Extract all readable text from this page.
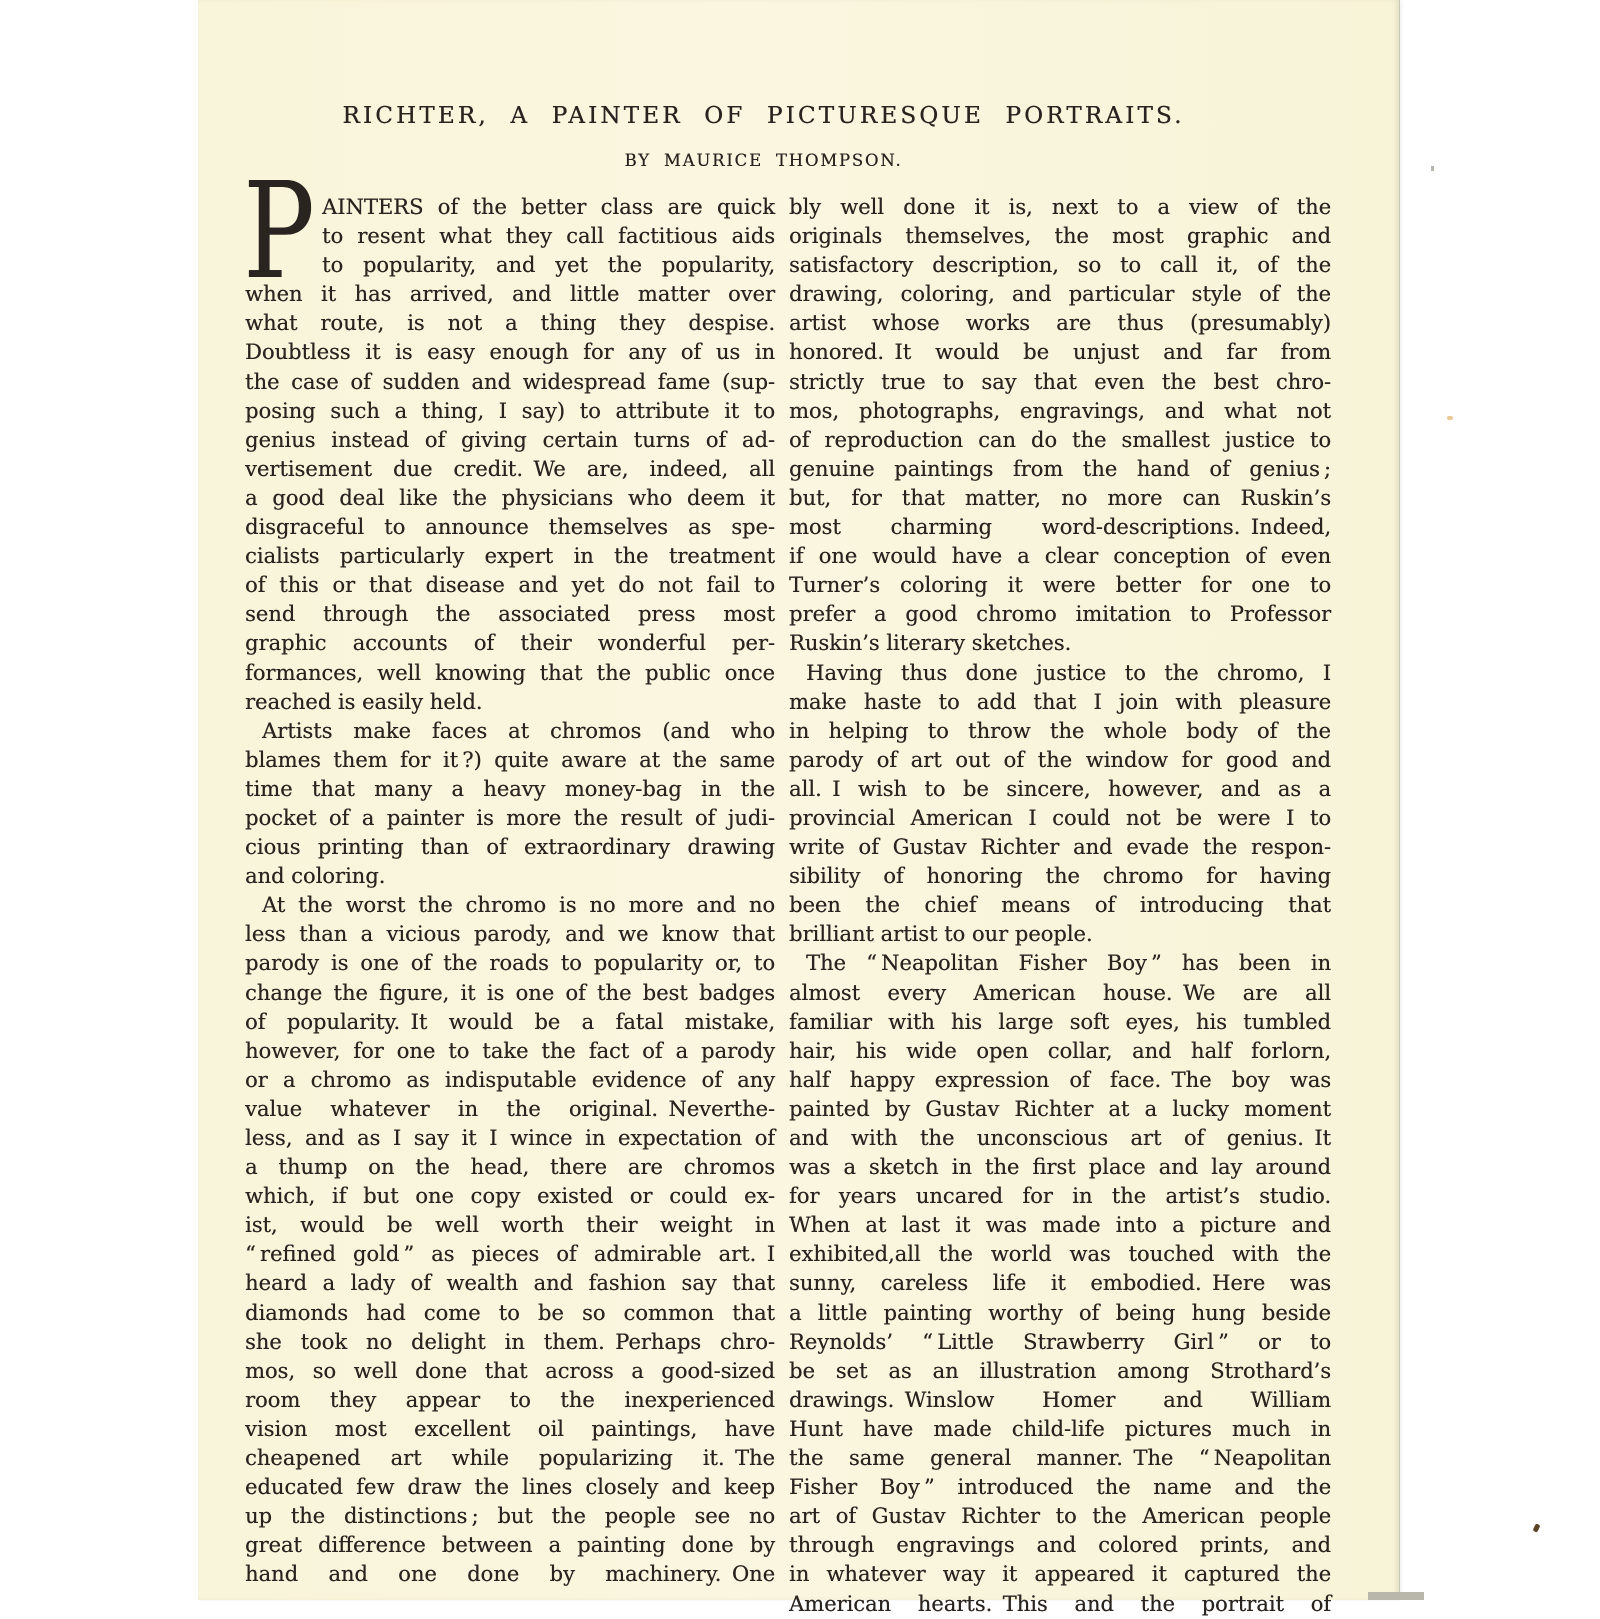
RICHTER, A PAINTER OF PICTURESQUE PORTRAITS.
BY MAURICE THOMPSON.
P AINTERS of the better class are quick
to resent what they call factitious aids
to popularity, and yet the popularity,
when it has arrived, and little matter over
what route, is not a thing they despise.
Doubtless it is easy enough for any of us in
the case of sudden and widespread fame (sup-
posing such a thing, I say) to attribute it to
genius instead of giving certain turns of ad-
vertisement due credit. We are, indeed, all
a good deal like the physicians who deem it
disgraceful to announce themselves as spe-
cialists particularly expert in the treatment
of this or that disease and yet do not fail to
send through the associated press most
graphic accounts of their wonderful per-
formances, well knowing that the public once
reached is easily held.
Artists make faces at chromos (and who
blames them for it ?) quite aware at the same
time that many a heavy money-bag in the
pocket of a painter is more the result of judi-
cious printing than of extraordinary drawing
and coloring.
At the worst the chromo is no more and no
less than a vicious parody, and we know that
parody is one of the roads to popularity or, to
change the figure, it is one of the best badges
of popularity. It would be a fatal mistake,
however, for one to take the fact of a parody
or a chromo as indisputable evidence of any
value whatever in the original. Neverthe-
less, and as I say it I wince in expectation of
a thump on the head, there are chromos
which, if but one copy existed or could ex-
ist, would be well worth their weight in
“ refined gold ” as pieces of admirable art. I
heard a lady of wealth and fashion say that
diamonds had come to be so common that
she took no delight in them. Perhaps chro-
mos, so well done that across a good-sized
room they appear to the inexperienced
vision most excellent oil paintings, have
cheapened art while popularizing it. The
educated few draw the lines closely and keep
up the distinctions ; but the people see no
great difference between a painting done by
hand and one done by machinery. One
bly well done it is, next to a view of the
originals themselves, the most graphic and
satisfactory description, so to call it, of the
drawing, coloring, and particular style of the
artist whose works are thus (presumably)
honored. It would be unjust and far from
strictly true to say that even the best chro-
mos, photographs, engravings, and what not
of reproduction can do the smallest justice to
genuine paintings from the hand of genius ;
but, for that matter, no more can Ruskin’s
most charming word-descriptions. Indeed,
if one would have a clear conception of even
Turner’s coloring it were better for one to
prefer a good chromo imitation to Professor
Ruskin’s literary sketches.
Having thus done justice to the chromo, I
make haste to add that I join with pleasure
in helping to throw the whole body of the
parody of art out of the window for good and
all. I wish to be sincere, however, and as a
provincial American I could not be were I to
write of Gustav Richter and evade the respon-
sibility of honoring the chromo for having
been the chief means of introducing that
brilliant artist to our people.
The “ Neapolitan Fisher Boy ” has been in
almost every American house. We are all
familiar with his large soft eyes, his tumbled
hair, his wide open collar, and half forlorn,
half happy expression of face. The boy was
painted by Gustav Richter at a lucky moment
and with the unconscious art of genius. It
was a sketch in the first place and lay around
for years uncared for in the artist’s studio.
When at last it was made into a picture and
exhibited,all the world was touched with the
sunny, careless life it embodied. Here was
a little painting worthy of being hung beside
Reynolds’ “ Little Strawberry Girl ” or to
be set as an illustration among Strothard’s
drawings. Winslow Homer and William
Hunt have made child-life pictures much in
the same general manner. The “ Neapolitan
Fisher Boy ” introduced the name and the
art of Gustav Richter to the American people
through engravings and colored prints, and
in whatever way it appeared it captured the
American hearts. This and the portrait of
